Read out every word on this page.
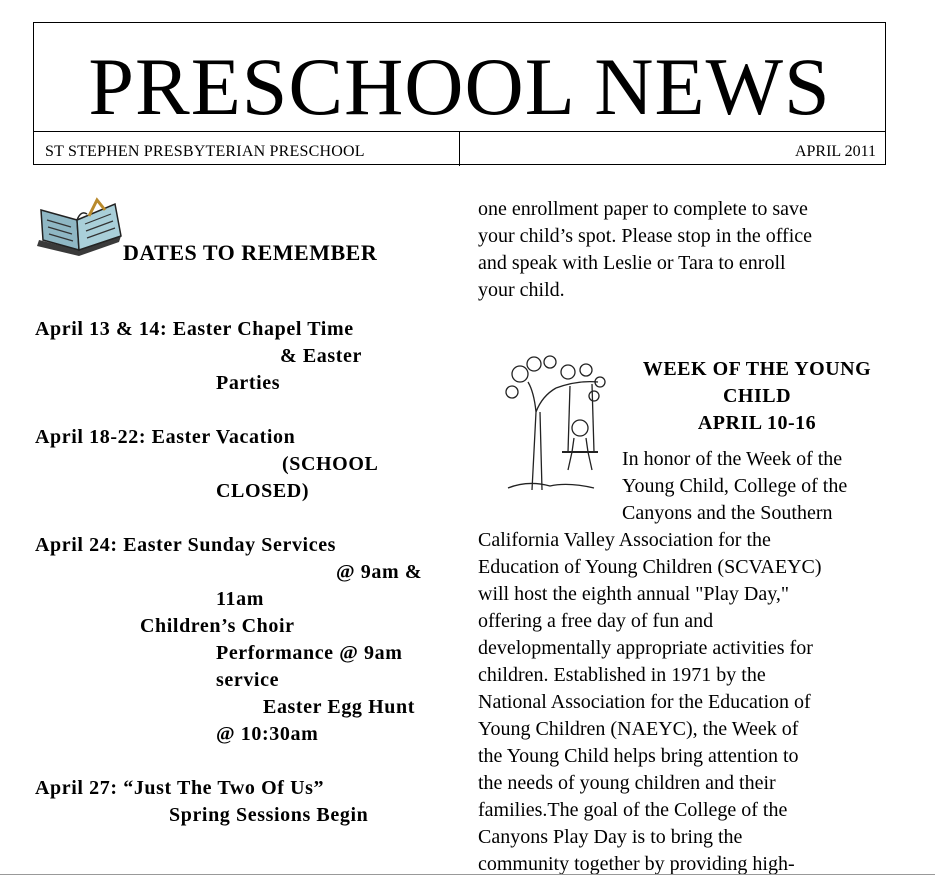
PRESCHOOL NEWS
ST STEPHEN PRESBYTERIAN PRESCHOOL	APRIL 2011
DATES TO REMEMBER
April 13 & 14: Easter Chapel Time
& Easter
Parties
April 18-22: Easter Vacation
(SCHOOL
CLOSED)
April 24: Easter Sunday Services
@ 9am &
11am
Children’s Choir
Performance @ 9am
service
Easter Egg Hunt
@ 10:30am
April 27: “Just The Two Of Us”
Spring Sessions Begin
one enrollment paper to complete to save
your child’s spot. Please stop in the office
and speak with Leslie or Tara to enroll
your child.
WEEK OF THE YOUNG
CHILD
APRIL 10-16
In honor of the Week of the
Young Child, College of the
Canyons and the Southern
California Valley Association for the
Education of Young Children (SCVAEYC)
will host the eighth annual "Play Day,"
offering a free day of fun and
developmentally appropriate activities for
children. Established in 1971 by the
National Association for the Education of
Young Children (NAEYC), the Week of
the Young Child helps bring attention to
the needs of young children and their
families.The goal of the College of the
Canyons Play Day is to bring the
community together by providing high-
